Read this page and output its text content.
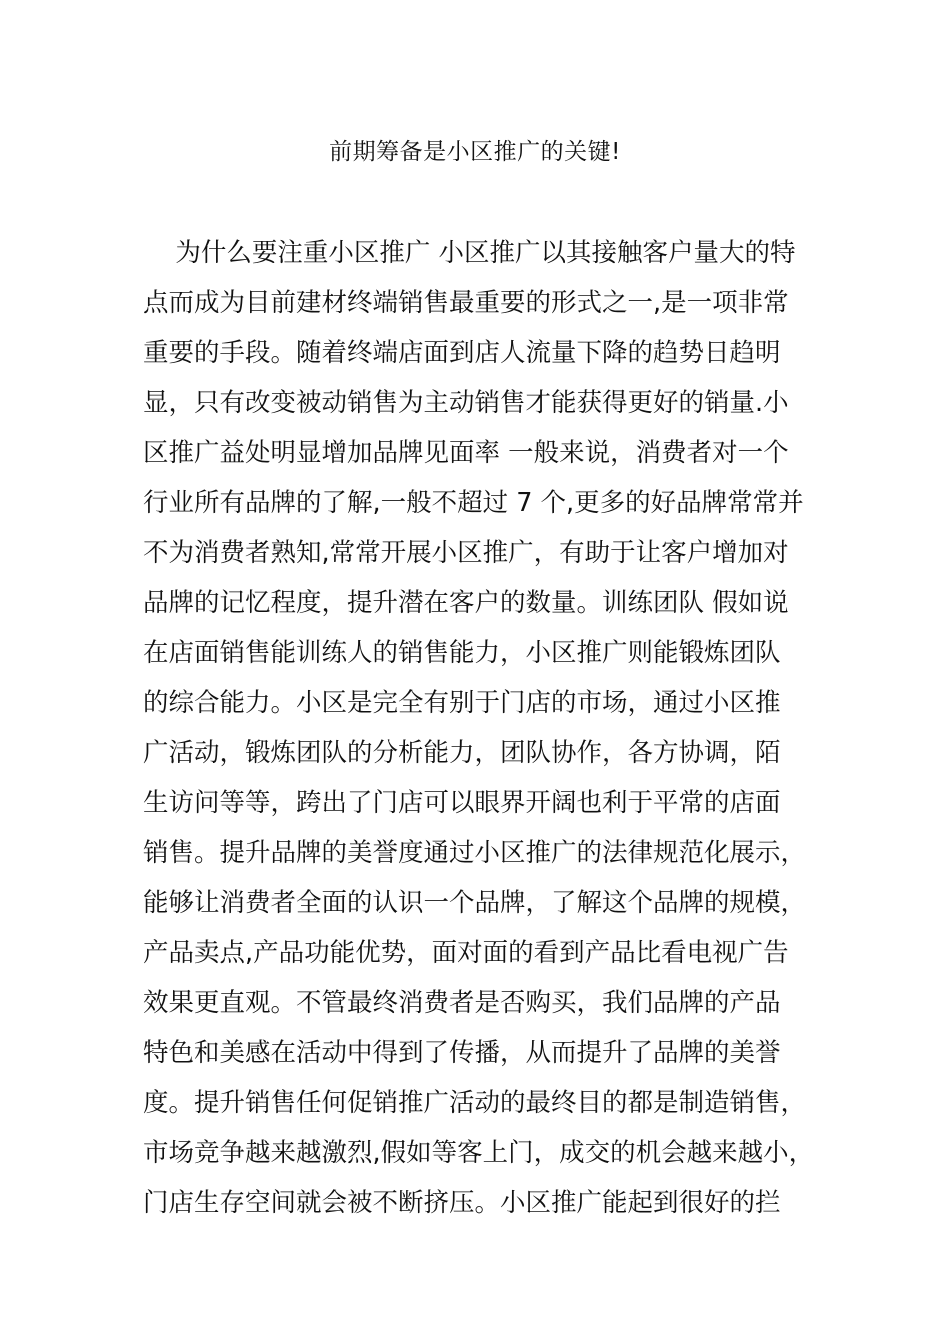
前期筹备是小区推广的关键!
为什么要注重小区推广 小区推广以其接触客户量大的特
点而成为目前建材终端销售最重要的形式之一,是一项非常
重要的手段。随着终端店面到店人流量下降的趋势日趋明
显，只有改变被动销售为主动销售才能获得更好的销量.小
区推广益处明显增加品牌见面率 一般来说，消费者对一个
行业所有品牌的了解,一般不超过 7 个,更多的好品牌常常并
不为消费者熟知,常常开展小区推广，有助于让客户增加对
品牌的记忆程度，提升潜在客户的数量。训练团队 假如说
在店面销售能训练人的销售能力，小区推广则能锻炼团队
的综合能力。小区是完全有别于门店的市场，通过小区推
广活动，锻炼团队的分析能力，团队协作，各方协调，陌
生访问等等，跨出了门店可以眼界开阔也利于平常的店面
销售。提升品牌的美誉度通过小区推广的法律规范化展示，
能够让消费者全面的认识一个品牌，了解这个品牌的规模，
产品卖点,产品功能优势，面对面的看到产品比看电视广告
效果更直观。不管最终消费者是否购买，我们品牌的产品
特色和美感在活动中得到了传播，从而提升了品牌的美誉
度。提升销售任何促销推广活动的最终目的都是制造销售，
市场竞争越来越激烈,假如等客上门，成交的机会越来越小，
门店生存空间就会被不断挤压。小区推广能起到很好的拦
